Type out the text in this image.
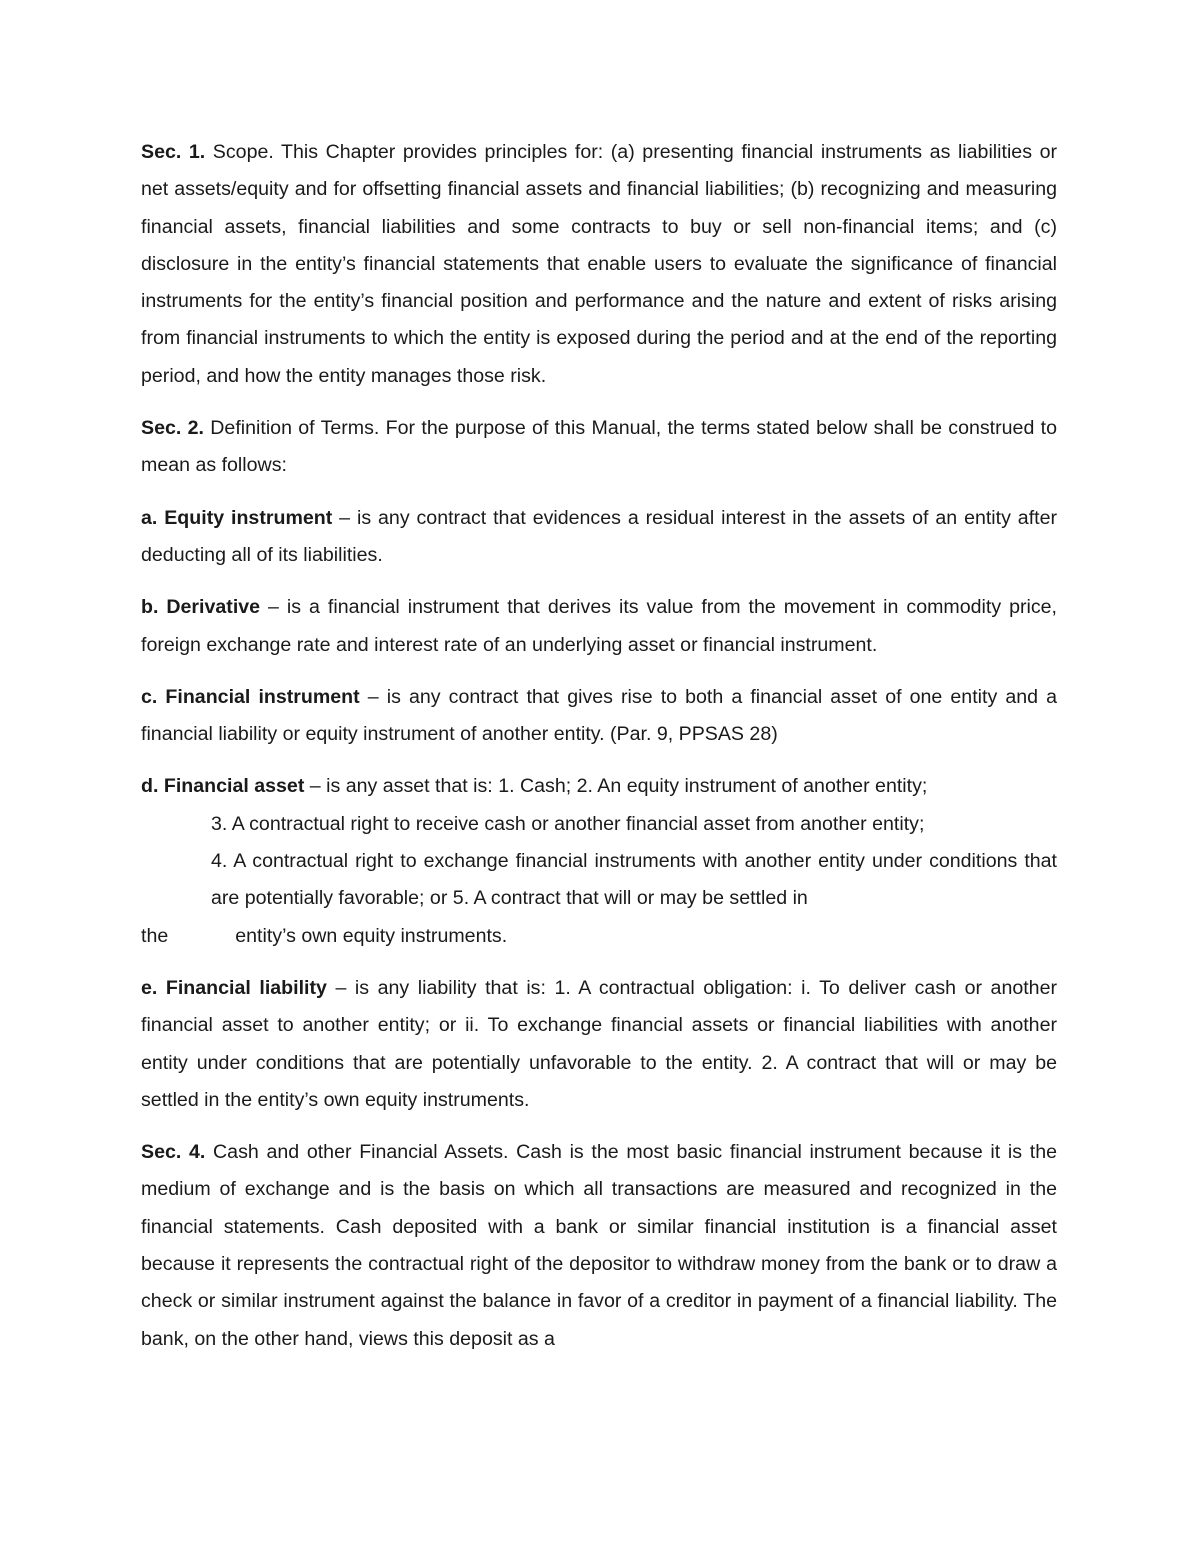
Sec. 1. Scope. This Chapter provides principles for: (a) presenting financial instruments as liabilities or net assets/equity and for offsetting financial assets and financial liabilities; (b) recognizing and measuring financial assets, financial liabilities and some contracts to buy or sell non-financial items; and (c) disclosure in the entity’s financial statements that enable users to evaluate the significance of financial instruments for the entity’s financial position and performance and the nature and extent of risks arising from financial instruments to which the entity is exposed during the period and at the end of the reporting period, and how the entity manages those risk.

Sec. 2. Definition of Terms. For the purpose of this Manual, the terms stated below shall be construed to mean as follows:

a. Equity instrument – is any contract that evidences a residual interest in the assets of an entity after deducting all of its liabilities.

b. Derivative – is a financial instrument that derives its value from the movement in commodity price, foreign exchange rate and interest rate of an underlying asset or financial instrument.

c. Financial instrument – is any contract that gives rise to both a financial asset of one entity and a financial liability or equity instrument of another entity. (Par. 9, PPSAS 28)

d. Financial asset – is any asset that is: 1. Cash; 2. An equity instrument of another entity;
3. A contractual right to receive cash or another financial asset from another entity;
4. A contractual right to exchange financial instruments with another entity under conditions that are potentially favorable; or 5. A contract that will or may be settled in
the	entity’s own equity instruments.

e. Financial liability – is any liability that is: 1. A contractual obligation: i. To deliver cash or another financial asset to another entity; or ii. To exchange financial assets or financial liabilities with another entity under conditions that are potentially unfavorable to the entity. 2. A contract that will or may be settled in the entity’s own equity instruments.

Sec. 4. Cash and other Financial Assets. Cash is the most basic financial instrument because it is the medium of exchange and is the basis on which all transactions are measured and recognized in the financial statements. Cash deposited with a bank or similar financial institution is a financial asset because it represents the contractual right of the depositor to withdraw money from the bank or to draw a check or similar instrument against the balance in favor of a creditor in payment of a financial liability. The bank, on the other hand, views this deposit as a
